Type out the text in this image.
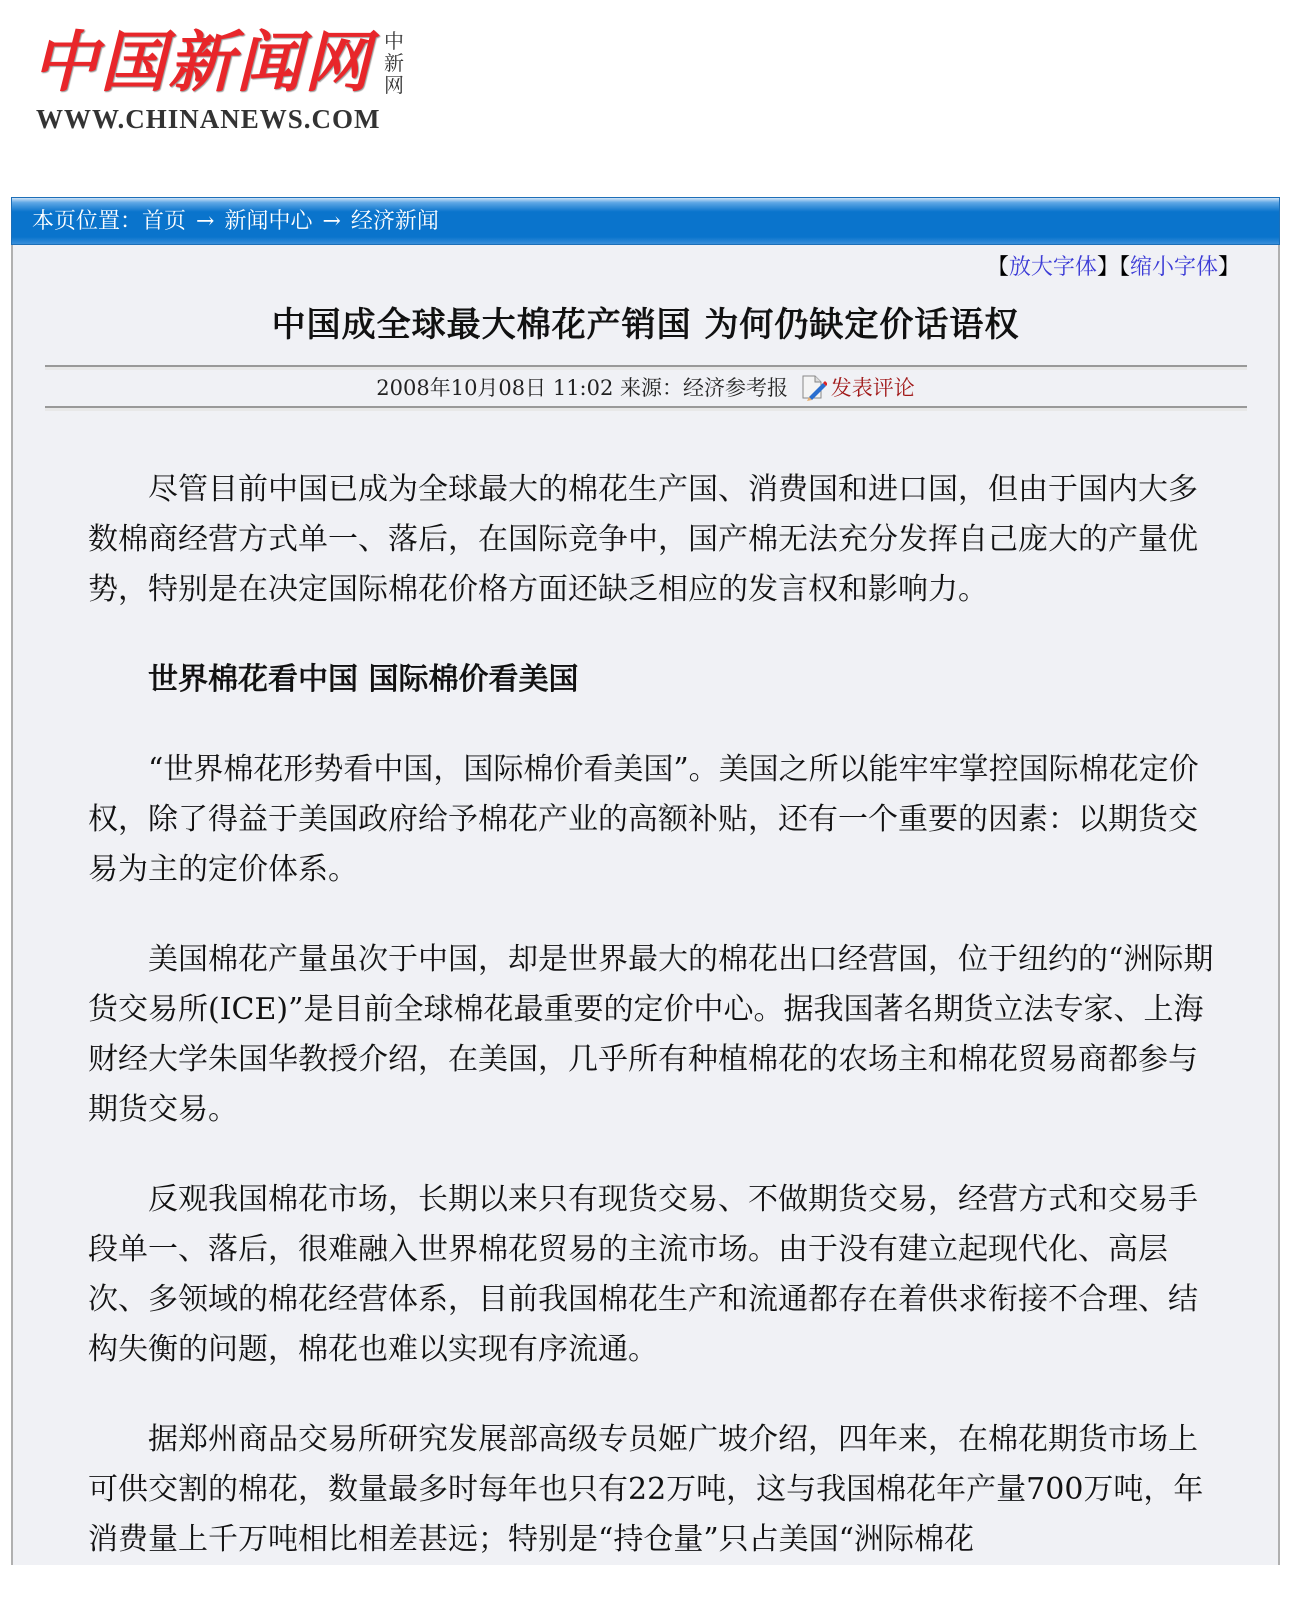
中国新闻网 中
新
网
WWW.CHINANEWS.COM
本页位置：首页 → 新闻中心 → 经济新闻
【放大字体】【缩小字体】
中国成全球最大棉花产销国 为何仍缺定价话语权
2008年10月08日 11:02 来源：经济参考报 发表评论

尽管目前中国已成为全球最大的棉花生产国、消费国和进口国，但由于国内大多数棉商经营方式单一、落后，在国际竞争中，国产棉无法充分发挥自己庞大的产量优势，特别是在决定国际棉花价格方面还缺乏相应的发言权和影响力。

世界棉花看中国 国际棉价看美国

“世界棉花形势看中国，国际棉价看美国”。美国之所以能牢牢掌控国际棉花定价权，除了得益于美国政府给予棉花产业的高额补贴，还有一个重要的因素：以期货交易为主的定价体系。

美国棉花产量虽次于中国，却是世界最大的棉花出口经营国，位于纽约的“洲际期货交易所(ICE)”是目前全球棉花最重要的定价中心。据我国著名期货立法专家、上海财经大学朱国华教授介绍，在美国，几乎所有种植棉花的农场主和棉花贸易商都参与期货交易。

反观我国棉花市场，长期以来只有现货交易、不做期货交易，经营方式和交易手段单一、落后，很难融入世界棉花贸易的主流市场。由于没有建立起现代化、高层次、多领域的棉花经营体系，目前我国棉花生产和流通都存在着供求衔接不合理、结构失衡的问题，棉花也难以实现有序流通。

据郑州商品交易所研究发展部高级专员姬广坡介绍，四年来，在棉花期货市场上可供交割的棉花，数量最多时每年也只有22万吨，这与我国棉花年产量700万吨，年消费量上千万吨相比相差甚远；特别是“持仓量”只占美国“洲际棉花
